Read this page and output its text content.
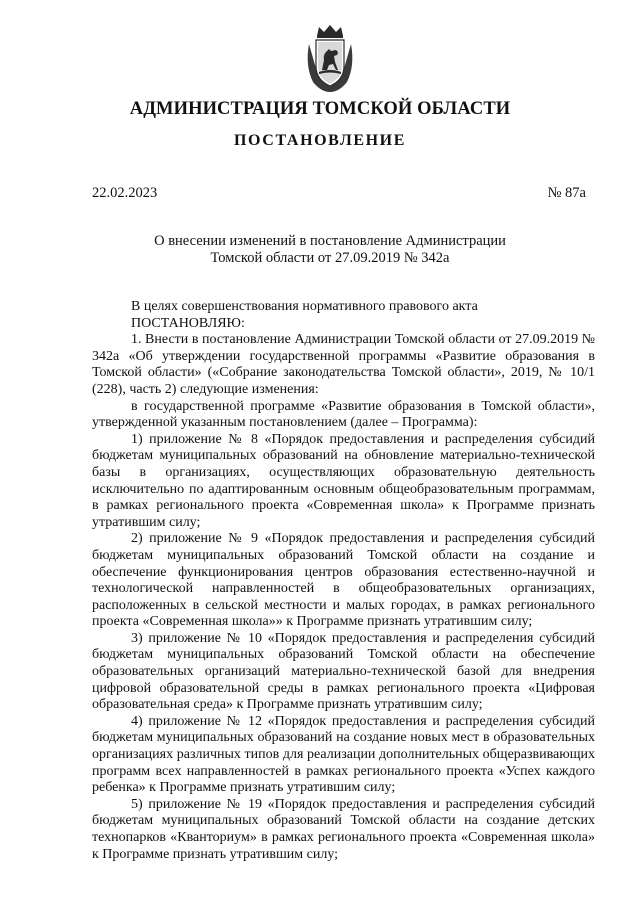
АДМИНИСТРАЦИЯ ТОМСКОЙ ОБЛАСТИ
ПОСТАНОВЛЕНИЕ
22.02.2023	№ 87а
О внесении изменений в постановление Администрации
Томской области от 27.09.2019 № 342а

В целях совершенствования нормативного правового акта

ПОСТАНОВЛЯЮ:

1. Внести в постановление Администрации Томской области от 27.09.2019 № 342а «Об утверждении государственной программы «Развитие образования в Томской области» («Собрание законодательства Томской области», 2019, № 10/1 (228), часть 2) следующие изменения:

в государственной программе «Развитие образования в Томской области», утвержденной указанным постановлением (далее – Программа):

1) приложение № 8 «Порядок предоставления и распределения субсидий бюджетам муниципальных образований на обновление материально-технической базы в организациях, осуществляющих образовательную деятельность исключительно по адаптированным основным общеобразовательным программам, в рамках регионального проекта «Современная школа» к Программе признать утратившим силу;

2) приложение № 9 «Порядок предоставления и распределения субсидий бюджетам муниципальных образований Томской области на создание и обеспечение функционирования центров образования естественно-научной и технологической направленностей в общеобразовательных организациях, расположенных в сельской местности и малых городах, в рамках регионального проекта «Современная школа»» к Программе признать утратившим силу;

3) приложение № 10 «Порядок предоставления и распределения субсидий бюджетам муниципальных образований Томской области на обеспечение образовательных организаций материально-технической базой для внедрения цифровой образовательной среды в рамках регионального проекта «Цифровая образовательная среда» к Программе признать утратившим силу;

4) приложение № 12 «Порядок предоставления и распределения субсидий бюджетам муниципальных образований на создание новых мест в образовательных организациях различных типов для реализации дополнительных общеразвивающих программ всех направленностей в рамках регионального проекта «Успех каждого ребенка» к Программе признать утратившим силу;

5) приложение № 19 «Порядок предоставления и распределения субсидий бюджетам муниципальных образований Томской области на создание детских технопарков «Кванториум» в рамках регионального проекта «Современная школа» к Программе признать утратившим силу;
